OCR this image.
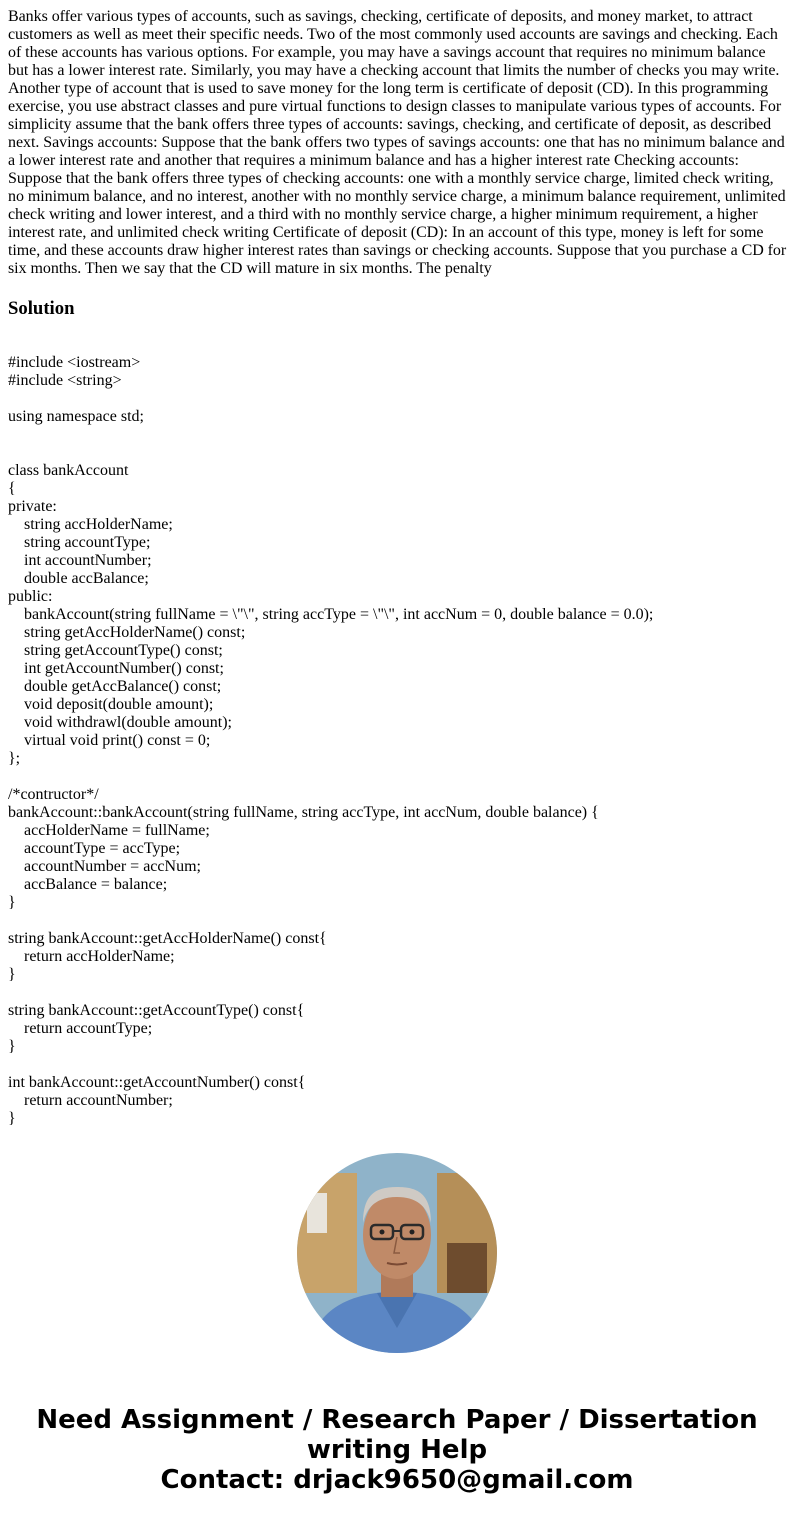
Banks offer various types of accounts, such as savings, checking, certificate of deposits, and money market, to attract customers as well as meet their specific needs. Two of the most commonly used accounts are savings and checking. Each of these accounts has various options. For example, you may have a savings account that requires no minimum balance but has a lower interest rate. Similarly, you may have a checking account that limits the number of checks you may write. Another type of account that is used to save money for the long term is certificate of deposit (CD). In this programming exercise, you use abstract classes and pure virtual functions to design classes to manipulate various types of accounts. For simplicity assume that the bank offers three types of accounts: savings, checking, and certificate of deposit, as described next. Savings accounts: Suppose that the bank offers two types of savings accounts: one that has no minimum balance and a lower interest rate and another that requires a minimum balance and has a higher interest rate Checking accounts: Suppose that the bank offers three types of checking accounts: one with a monthly service charge, limited check writing, no minimum balance, and no interest, another with no monthly service charge, a minimum balance requirement, unlimited check writing and lower interest, and a third with no monthly service charge, a higher minimum requirement, a higher interest rate, and unlimited check writing Certificate of deposit (CD): In an account of this type, money is left for some time, and these accounts draw higher interest rates than savings or checking accounts. Suppose that you purchase a CD for six months. Then we say that the CD will mature in six months. The penalty

Solution
#include <iostream>
#include <string>

using namespace std;

class bankAccount
{
private:
string accHolderName;
string accountType;
int accountNumber;
double accBalance;
public:
bankAccount(string fullName = \"\", string accType = \"\", int accNum = 0, double balance = 0.0);
string getAccHolderName() const;
string getAccountType() const;
int getAccountNumber() const;
double getAccBalance() const;
void deposit(double amount);
void withdrawl(double amount);
virtual void print() const = 0;
};

/*contructor*/
bankAccount::bankAccount(string fullName, string accType, int accNum, double balance) {
accHolderName = fullName;
accountType = accType;
accountNumber = accNum;
accBalance = balance;
}

string bankAccount::getAccHolderName() const{
return accHolderName;
}

string bankAccount::getAccountType() const{
return accountType;
}

int bankAccount::getAccountNumber() const{
return accountNumber;
}
Need Assignment / Research Paper / Dissertation
writing Help
Contact: drjack9650@gmail.com
